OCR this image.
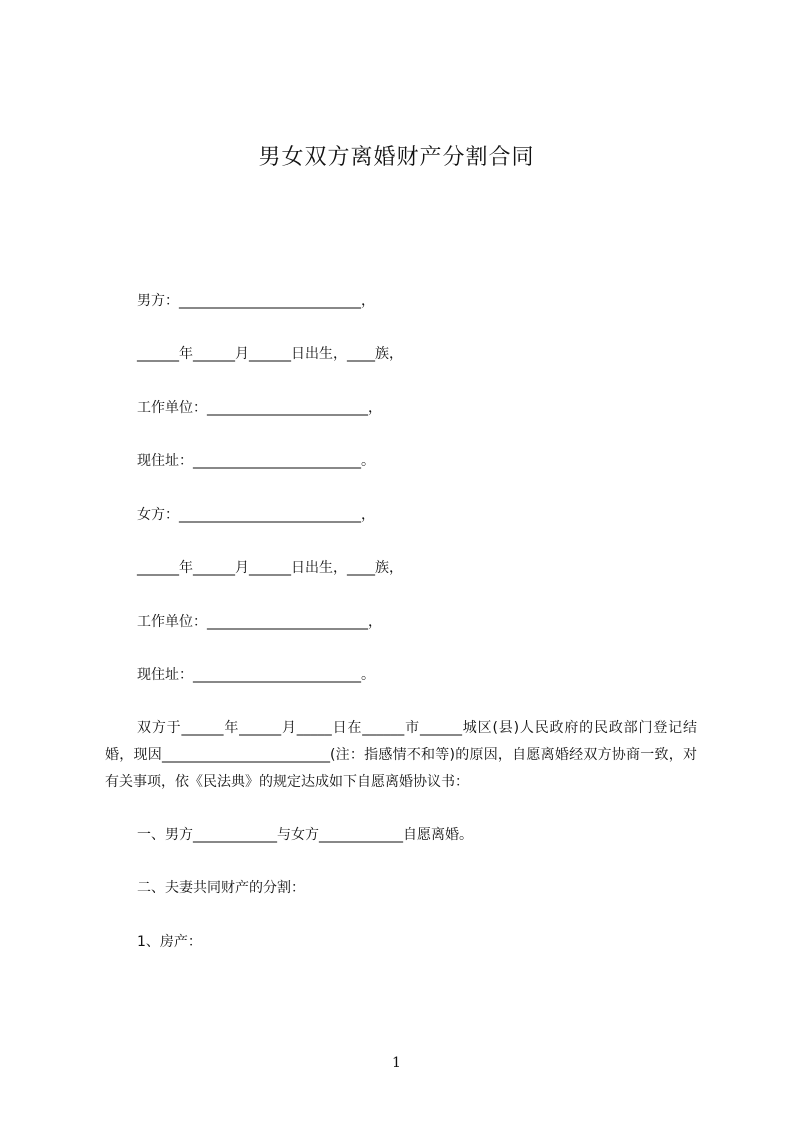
男女双方离婚财产分割合同
男方：__________________________，
______年______月______日出生，____族，
工作单位：_______________________，
现住址：________________________。
女方：__________________________，
______年______月______日出生，____族，
工作单位：_______________________，
现住址：________________________。

双方于______年______月_____日在______市______城区(县)人民政府的民政部门登记结婚，现因________________________(注：指感情不和等)的原因，自愿离婚经双方协商一致，对有关事项，依《民法典》的规定达成如下自愿离婚协议书：

一、男方____________与女方____________自愿离婚。
二、夫妻共同财产的分割：
1、房产：
1
